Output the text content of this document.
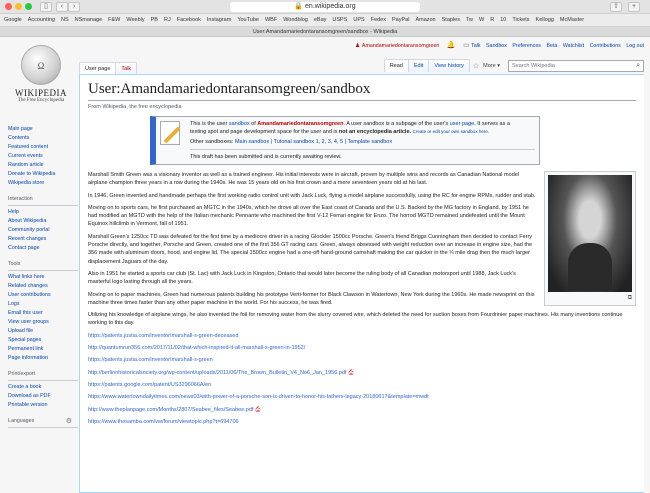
▯	‹	›	🔒 en.wikipedia.org	⇧	+
Google Accounting NS NSmanage F&W Weebly PB RJ Facebook Instagram YouTube WBF Woodblog eBay USPS UPS Fedex PayPal Amazon Staples Tw W R 10 Tickets Kellogg McMaster
User:Amandamariedontaransomgreen/sandbox - Wikipedia
Ω
WIKIPEDIA
The Free Encyclopedia
♟ Amandamariedontaransomgreen 🔔 ▭ Talk Sandbox Preferences Beta Watchlist Contributions Log out
User page Talk	Read	Edit	View history	☆ More ▾	Search Wikipedia	⌕
Main page
Contents
Featured content
Current events
Random article
Donate to Wikipedia
Wikipedia store
Interaction
Help
About Wikipedia
Community portal
Recent changes
Contact page
Tools
What links here
Related changes
User contributions
Logs
Email this user
View user groups
Upload file
Special pages
Permanent link
Page information
Print/export
Create a book
Download as PDF
Printable version
Languages	⚙
User:Amandamariedontaransomgreen/sandbox
From Wikipedia, the free encyclopedia
This is the user sandbox of Amandamariedontaransomgreen. A user sandbox is a subpage of the user's user page. It serves as a
testing spot and page development space for the user and is not an encyclopedia article. Create or edit your own sandbox here.
Other sandboxes: Main sandbox | Tutorial sandbox 1, 2, 3, 4, 5 | Template sandbox
This draft has been submitted and is currently awaiting review.
⧉

Marshall Smith Green was a visionary inventor as well as a trained engineer. His initial interests were in aircraft, proven by multiple wins and records as Canadian National model airplane champion three years in a row during the 1940s. He was 15 years old on his first crown and a mere seventeen years old at his last.

In 1946, Green invented and handmade perhaps the first working radio control unit with Jack Luck, flying a model airplane successfully, using the RC for engine RPMs, rudder and stab.

Moving on to sports cars, he first purchased an MGTC in the 1940s, which he drove all over the East coast of Canada and the U.S. Backed by the MG factory in England, by 1951 he had modified an MGTD with the help of the Italian mechanic Pennante who machined the first V-12 Ferrari engine for Enzo. The horrod MGTD remained undefeated until the Mount Equinox hillclimb in Vermont, fall of 1951.

Marshall Green's 1250cc TD was defeated for the first time by a mediocre driver in a racing Glockler 1500cc Porsche. Green's friend Briggs Cunningham then decided to contact Ferry Porsche directly, and together, Porsche and Green, created one of the first 356 GT racing cars. Green, always obsessed with weight reduction over an increase in engine size, had the 356 made with aluminum doors, hood, and engine lid. The special 1500cc engine had a one-off hand-ground camshaft making the car quicker in the ¼ mile drag then the much larger displacement Jaguars of the day.

Also in 1951 he started a sports car club (St. Lac) with Jack Luck in Kingston, Ontario that would later become the ruling body of all Canadian motorsport until 1988, Jack Luck's masterful logo lasting through all the years.

Moving on to paper machines, Green had numerous patents building his prototype Verti-former for Black Clawson in Watertown, New York during the 1960s. He made newsprint on this machine three times faster than any other paper machine in the world. For his success, he was fired.

Utilizing his knowledge of airplane wings, he also invented the foil for removing water from the slurry covered wire, which deleted the need for suction boxes from Fourdrinier paper machines. His many inventions continue working to this day.

https://patents.justia.com/inventor/marshall-s-green-deceased
http://quantumrun356.com/2017/11/02/that-which-inspired-it-all-marshall-s-green-in-1952/
https://patents.justia.com/inventor/marshall-s-green
http://berlinnhistoricalsociety.org/wp-content/uploads/2011/06/The_Brown_Bulletin_V4_No6_Jan_1956.pdf ⎙
https://patents.google.com/patent/US3296066A/en
https://www.watertowndailytimes.com/news03/with-power-of-a-porsche-son-is-driven-to-honor-his-fathers-legacy-20180617&template=mwdt
http://www.theplanpage.com/Months/2807/Seabee_files/Seabee.pdf ⎙
https://www.thesamba.com/vw/forum/viewtopic.php?t=694706
